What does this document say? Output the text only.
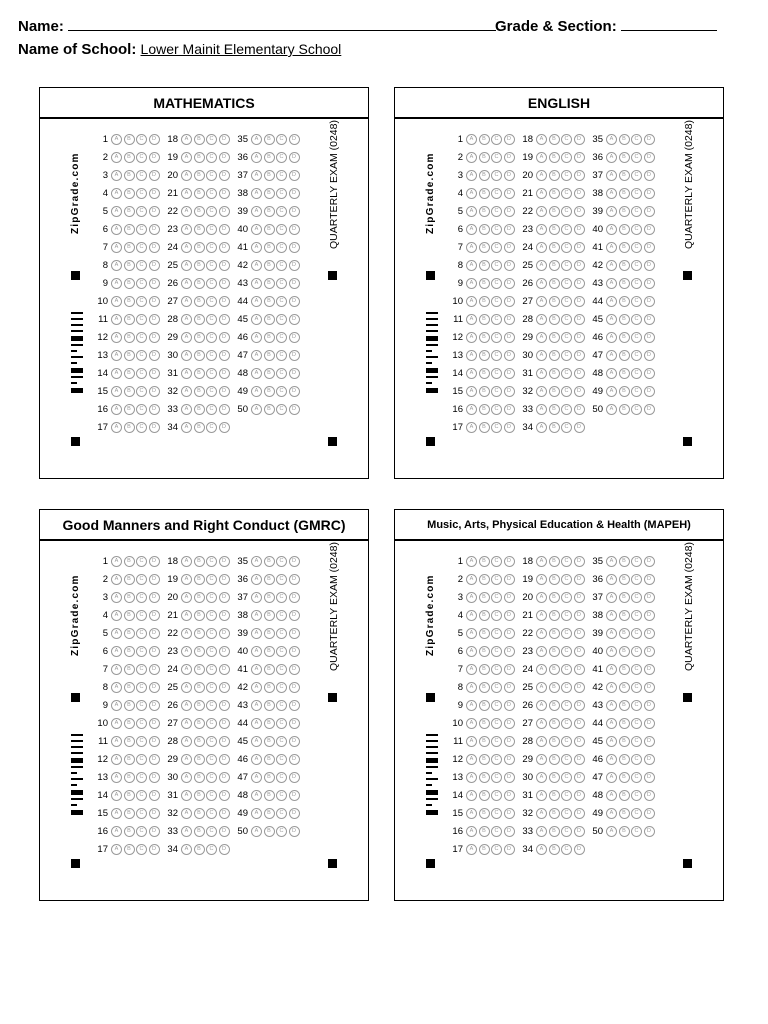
Name:	Grade & Section:
Name of School: Lower Mainit Elementary School
MATHEMATICS
ZipGrade.com	QUARTERLY EXAM (0248)
1	A	B	C	D
2	A	B	C	D
3	A	B	C	D
4	A	B	C	D
5	A	B	C	D
6	A	B	C	D
7	A	B	C	D
8	A	B	C	D
9	A	B	C	D
10	A	B	C	D
11	A	B	C	D
12	A	B	C	D
13	A	B	C	D
14	A	B	C	D
15	A	B	C	D
16	A	B	C	D
17	A	B	C	D
18	A	B	C	D
19	A	B	C	D
20	A	B	C	D
21	A	B	C	D
22	A	B	C	D
23	A	B	C	D
24	A	B	C	D
25	A	B	C	D
26	A	B	C	D
27	A	B	C	D
28	A	B	C	D
29	A	B	C	D
30	A	B	C	D
31	A	B	C	D
32	A	B	C	D
33	A	B	C	D
34	A	B	C	D
35	A	B	C	D
36	A	B	C	D
37	A	B	C	D
38	A	B	C	D
39	A	B	C	D
40	A	B	C	D
41	A	B	C	D
42	A	B	C	D
43	A	B	C	D
44	A	B	C	D
45	A	B	C	D
46	A	B	C	D
47	A	B	C	D
48	A	B	C	D
49	A	B	C	D
50	A	B	C	D
ENGLISH
ZipGrade.com	QUARTERLY EXAM (0248)
1	A	B	C	D
2	A	B	C	D
3	A	B	C	D
4	A	B	C	D
5	A	B	C	D
6	A	B	C	D
7	A	B	C	D
8	A	B	C	D
9	A	B	C	D
10	A	B	C	D
11	A	B	C	D
12	A	B	C	D
13	A	B	C	D
14	A	B	C	D
15	A	B	C	D
16	A	B	C	D
17	A	B	C	D
18	A	B	C	D
19	A	B	C	D
20	A	B	C	D
21	A	B	C	D
22	A	B	C	D
23	A	B	C	D
24	A	B	C	D
25	A	B	C	D
26	A	B	C	D
27	A	B	C	D
28	A	B	C	D
29	A	B	C	D
30	A	B	C	D
31	A	B	C	D
32	A	B	C	D
33	A	B	C	D
34	A	B	C	D
35	A	B	C	D
36	A	B	C	D
37	A	B	C	D
38	A	B	C	D
39	A	B	C	D
40	A	B	C	D
41	A	B	C	D
42	A	B	C	D
43	A	B	C	D
44	A	B	C	D
45	A	B	C	D
46	A	B	C	D
47	A	B	C	D
48	A	B	C	D
49	A	B	C	D
50	A	B	C	D
Good Manners and Right Conduct (GMRC)
ZipGrade.com	QUARTERLY EXAM (0248)
1	A	B	C	D
2	A	B	C	D
3	A	B	C	D
4	A	B	C	D
5	A	B	C	D
6	A	B	C	D
7	A	B	C	D
8	A	B	C	D
9	A	B	C	D
10	A	B	C	D
11	A	B	C	D
12	A	B	C	D
13	A	B	C	D
14	A	B	C	D
15	A	B	C	D
16	A	B	C	D
17	A	B	C	D
18	A	B	C	D
19	A	B	C	D
20	A	B	C	D
21	A	B	C	D
22	A	B	C	D
23	A	B	C	D
24	A	B	C	D
25	A	B	C	D
26	A	B	C	D
27	A	B	C	D
28	A	B	C	D
29	A	B	C	D
30	A	B	C	D
31	A	B	C	D
32	A	B	C	D
33	A	B	C	D
34	A	B	C	D
35	A	B	C	D
36	A	B	C	D
37	A	B	C	D
38	A	B	C	D
39	A	B	C	D
40	A	B	C	D
41	A	B	C	D
42	A	B	C	D
43	A	B	C	D
44	A	B	C	D
45	A	B	C	D
46	A	B	C	D
47	A	B	C	D
48	A	B	C	D
49	A	B	C	D
50	A	B	C	D
Music, Arts, Physical Education & Health (MAPEH)
ZipGrade.com	QUARTERLY EXAM (0248)
1	A	B	C	D
2	A	B	C	D
3	A	B	C	D
4	A	B	C	D
5	A	B	C	D
6	A	B	C	D
7	A	B	C	D
8	A	B	C	D
9	A	B	C	D
10	A	B	C	D
11	A	B	C	D
12	A	B	C	D
13	A	B	C	D
14	A	B	C	D
15	A	B	C	D
16	A	B	C	D
17	A	B	C	D
18	A	B	C	D
19	A	B	C	D
20	A	B	C	D
21	A	B	C	D
22	A	B	C	D
23	A	B	C	D
24	A	B	C	D
25	A	B	C	D
26	A	B	C	D
27	A	B	C	D
28	A	B	C	D
29	A	B	C	D
30	A	B	C	D
31	A	B	C	D
32	A	B	C	D
33	A	B	C	D
34	A	B	C	D
35	A	B	C	D
36	A	B	C	D
37	A	B	C	D
38	A	B	C	D
39	A	B	C	D
40	A	B	C	D
41	A	B	C	D
42	A	B	C	D
43	A	B	C	D
44	A	B	C	D
45	A	B	C	D
46	A	B	C	D
47	A	B	C	D
48	A	B	C	D
49	A	B	C	D
50	A	B	C	D
